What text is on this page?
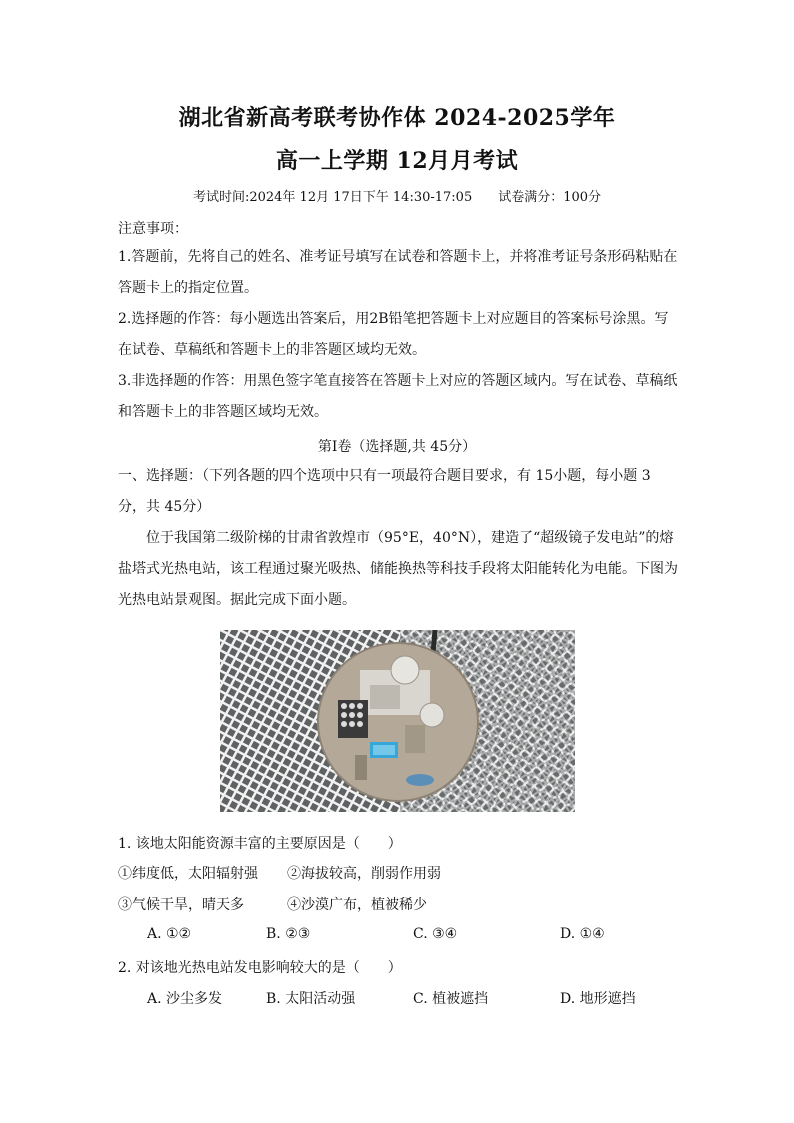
湖北省新高考联考协作体 2024-2025学年
高一上学期 12月月考试
考试时间:2024年 12月 17日下午 14:30-17:05 试卷满分：100分
注意事项：
1.答题前，先将自己的姓名、准考证号填写在试卷和答题卡上，并将准考证号条形码粘贴在答题卡上的指定位置。
2.选择题的作答：每小题选出答案后，用2B铅笔把答题卡上对应题目的答案标号涂黑。写在试卷、草稿纸和答题卡上的非答题区域均无效。
3.非选择题的作答：用黑色签字笔直接答在答题卡上对应的答题区域内。写在试卷、草稿纸和答题卡上的非答题区域均无效。
第Ⅰ卷（选择题,共 45分）
一、选择题：（下列各题的四个选项中只有一项最符合题目要求，有 15小题，每小题 3分，共 45分）
位于我国第二级阶梯的甘肃省敦煌市（95°E，40°N），建造了“超级镜子发电站”的熔盐塔式光热电站，该工程通过聚光吸热、储能换热等科技手段将太阳能转化为电能。下图为光热电站景观图。据此完成下面小题。
1. 该地太阳能资源丰富的主要原因是（　　）
①纬度低，太阳辐射强 ②海拔较高，削弱作用弱
③气候干旱，晴天多	④沙漠广布，植被稀少
A. ①②	B. ②③	C. ③④	D. ①④
2. 对该地光热电站发电影响较大的是（　　）
A. 沙尘多发	B. 太阳活动强	C. 植被遮挡	D. 地形遮挡
